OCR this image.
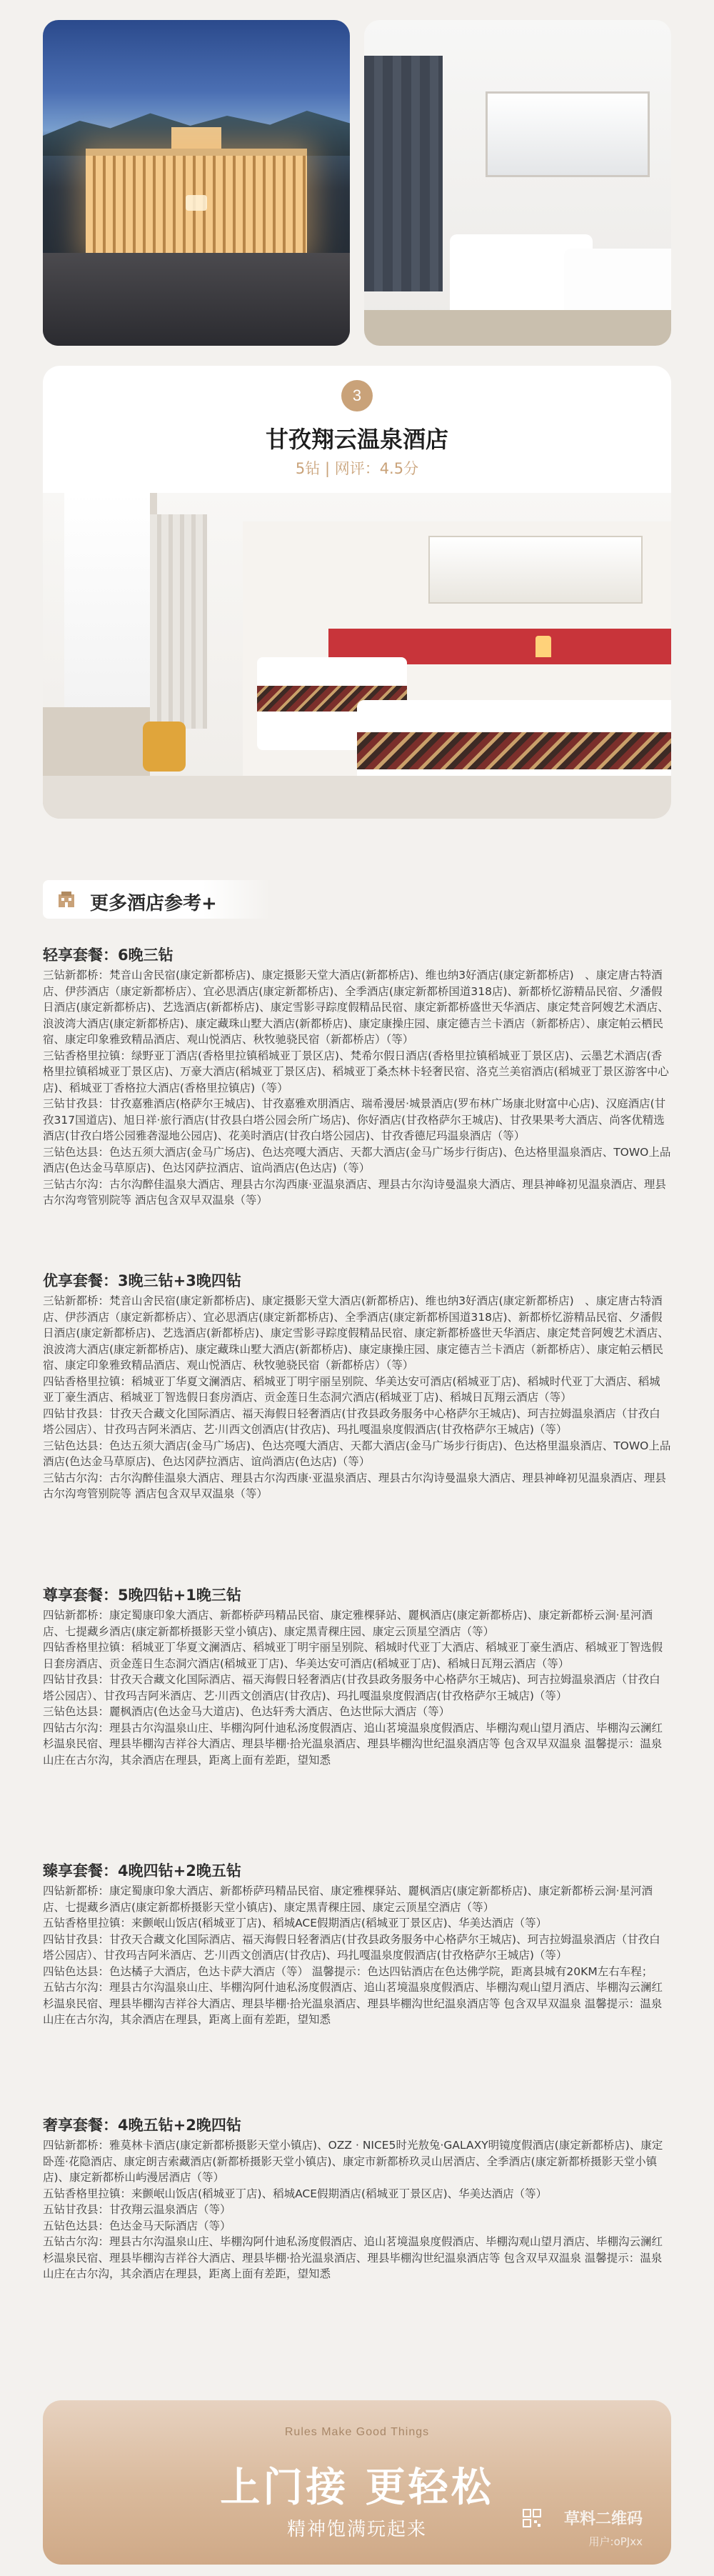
3
甘孜翔云温泉酒店
5钻 | 网评：4.5分
更多酒店参考+
轻享套餐：6晚三钻
三钻新都桥：梵音山舍民宿(康定新都桥店)、康定摄影天堂大酒店(新都桥店)、维也纳3好酒店(康定新都桥店)　、康定唐古特酒店、伊莎酒店（康定新都桥店）、宜必思酒店(康定新都桥店)、全季酒店(康定新都桥国道318店)、新都桥忆游精品民宿、夕潘假日酒店(康定新都桥店)、艺选酒店(新都桥店)、康定雪影寻踪度假精品民宿、康定新都桥盛世天华酒店、康定梵音阿嫂艺术酒店、浪波湾大酒店(康定新都桥店)、康定藏珠山墅大酒店(新都桥店)、康定康操庄园、康定德吉兰卡酒店（新都桥店）、康定帕云栖民宿、康定印象雅致精品酒店、观山悦酒店、秋牧驰骁民宿（新都桥店）（等）
三钻香格里拉镇：绿野亚丁酒店(香格里拉镇稻城亚丁景区店)、梵希尔假日酒店(香格里拉镇稻城亚丁景区店)、云墨艺术酒店(香格里拉镇稻城亚丁景区店)、万豪大酒店(稻城亚丁景区店)、稻城亚丁桑杰林卡轻奢民宿、洛克兰美宿酒店(稻城亚丁景区游客中心店)、稻城亚丁香格拉大酒店(香格里拉镇店)（等）
三钻甘孜县：甘孜嘉雅酒店(格萨尔王城店)、甘孜嘉雅欢朋酒店、瑞希漫居·城景酒店(罗布林广场康北财富中心店)、汉庭酒店(甘孜317国道店)、旭日祥·旅行酒店(甘孜县白塔公园会所广场店)、你好酒店(甘孜格萨尔王城店)、甘孜果果考大酒店、尚客优精选酒店(甘孜白塔公园雅砻湿地公园店)、花美时酒店(甘孜白塔公园店)、甘孜香德尼玛温泉酒店（等）
三钻色达县：色达五须大酒店(金马广场店)、色达亮嘎大酒店、天都大酒店(金马广场步行街店)、色达格里温泉酒店、TOWO上品酒店(色达金马草原店)、色达冈萨拉酒店、谊尚酒店(色达店)（等）
三钻古尔沟：古尔沟醉佳温泉大酒店、理县古尔沟西康·亚温泉酒店、理县古尔沟诗曼温泉大酒店、理县神峰初见温泉酒店、理县古尔沟弯管别院等 酒店包含双早双温泉（等）
优享套餐：3晚三钻+3晚四钻
三钻新都桥：梵音山舍民宿(康定新都桥店)、康定摄影天堂大酒店(新都桥店)、维也纳3好酒店(康定新都桥店)　、康定唐古特酒店、伊莎酒店（康定新都桥店）、宜必思酒店(康定新都桥店)、全季酒店(康定新都桥国道318店)、新都桥忆游精品民宿、夕潘假日酒店(康定新都桥店)、艺选酒店(新都桥店)、康定雪影寻踪度假精品民宿、康定新都桥盛世天华酒店、康定梵音阿嫂艺术酒店、浪波湾大酒店(康定新都桥店)、康定藏珠山墅大酒店(新都桥店)、康定康操庄园、康定德吉兰卡酒店（新都桥店）、康定帕云栖民宿、康定印象雅致精品酒店、观山悦酒店、秋牧驰骁民宿（新都桥店）（等）
四钻香格里拉镇：稻城亚丁华夏文澜酒店、稻城亚丁明宇丽呈别院、华美达安可酒店(稻城亚丁店)、稻城时代亚丁大酒店、稻城亚丁豪生酒店、稻城亚丁智选假日套房酒店、贡金莲日生态洞穴酒店(稻城亚丁店)、稻城日瓦翔云酒店（等）
四钻甘孜县：甘孜天合藏文化国际酒店、福天海假日轻奢酒店(甘孜县政务服务中心格萨尔王城店)、珂吉拉姆温泉酒店（甘孜白塔公园店）、甘孜玛吉阿米酒店、艺·川西文创酒店(甘孜店)、玛扎嘎温泉度假酒店(甘孜格萨尔王城店)（等）
三钻色达县：色达五须大酒店(金马广场店)、色达亮嘎大酒店、天都大酒店(金马广场步行街店)、色达格里温泉酒店、TOWO上品酒店(色达金马草原店)、色达冈萨拉酒店、谊尚酒店(色达店)（等）
三钻古尔沟：古尔沟醉佳温泉大酒店、理县古尔沟西康·亚温泉酒店、理县古尔沟诗曼温泉大酒店、理县神峰初见温泉酒店、理县古尔沟弯管别院等 酒店包含双早双温泉（等）
尊享套餐：5晚四钻+1晚三钻
四钻新都桥：康定蜀康印象大酒店、新都桥萨玛精品民宿、康定雅棵驿站、麗枫酒店(康定新都桥店)、康定新都桥云涧·星河酒店、七提藏乡酒店(康定新都桥摄影天堂小镇店)、康定黑青稞庄园、康定云顶星空酒店（等）
四钻香格里拉镇：稻城亚丁华夏文澜酒店、稻城亚丁明宇丽呈别院、稻城时代亚丁大酒店、稻城亚丁豪生酒店、稻城亚丁智选假日套房酒店、贡金莲日生态洞穴酒店(稻城亚丁店)、华美达安可酒店(稻城亚丁店)、稻城日瓦翔云酒店（等）
四钻甘孜县：甘孜天合藏文化国际酒店、福天海假日轻奢酒店(甘孜县政务服务中心格萨尔王城店)、珂吉拉姆温泉酒店（甘孜白塔公园店）、甘孜玛吉阿米酒店、艺·川西文创酒店(甘孜店)、玛扎嘎温泉度假酒店(甘孜格萨尔王城店)（等）
三钻色达县：麗枫酒店(色达金马大道店)、色达轩秀大酒店、色达世际大酒店（等）
四钻古尔沟：理县古尔沟温泉山庄、毕棚沟阿什迪私汤度假酒店、追山茗境温泉度假酒店、毕棚沟观山望月酒店、毕棚沟云澜红杉温泉民宿、理县毕棚沟吉祥谷大酒店、理县毕棚·拾光温泉酒店、理县毕棚沟世纪温泉酒店等 包含双早双温泉 温馨提示：温泉山庄在古尔沟，其余酒店在理县，距离上面有差距，望知悉
臻享套餐：4晚四钻+2晚五钻
四钻新都桥：康定蜀康印象大酒店、新都桥萨玛精品民宿、康定雅棵驿站、麗枫酒店(康定新都桥店)、康定新都桥云涧·星河酒店、七提藏乡酒店(康定新都桥摄影天堂小镇店)、康定黑青稞庄园、康定云顶星空酒店（等）
五钻香格里拉镇：来颤岷山饭店(稻城亚丁店)、稻城ACE假期酒店(稻城亚丁景区店)、华美达酒店（等）
四钻甘孜县：甘孜天合藏文化国际酒店、福天海假日轻奢酒店(甘孜县政务服务中心格萨尔王城店)、珂吉拉姆温泉酒店（甘孜白塔公园店）、甘孜玛吉阿米酒店、艺·川西文创酒店(甘孜店)、玛扎嘎温泉度假酒店(甘孜格萨尔王城店)（等）
四钻色达县：色达橘子大酒店，色达卡萨大酒店（等） 温馨提示：色达四钻酒店在色达佛学院，距离县城有20KM左右车程；
五钻古尔沟：理县古尔沟温泉山庄、毕棚沟阿什迪私汤度假酒店、追山茗境温泉度假酒店、毕棚沟观山望月酒店、毕棚沟云澜红杉温泉民宿、理县毕棚沟吉祥谷大酒店、理县毕棚·拾光温泉酒店、理县毕棚沟世纪温泉酒店等 包含双早双温泉 温馨提示：温泉山庄在古尔沟，其余酒店在理县，距离上面有差距，望知悉
奢享套餐：4晚五钻+2晚四钻
四钻新都桥：雅莫林卡酒店(康定新都桥摄影天堂小镇店)、OZZ · NICE5时光敖兔·GALAXY明镜度假酒店(康定新都桥店)、康定卧莲·花隐酒店、康定朗吉索藏酒店(新都桥摄影天堂小镇店)、康定市新都桥玖灵山居酒店、全季酒店(康定新都桥摄影天堂小镇店)、康定新都桥山屿漫居酒店（等）
五钻香格里拉镇：来颤岷山饭店(稻城亚丁店)、稻城ACE假期酒店(稻城亚丁景区店)、华美达酒店（等）
五钻甘孜县：甘孜翔云温泉酒店（等）
五钻色达县：色达金马天际酒店（等）
五钻古尔沟：理县古尔沟温泉山庄、毕棚沟阿什迪私汤度假酒店、追山茗境温泉度假酒店、毕棚沟观山望月酒店、毕棚沟云澜红杉温泉民宿、理县毕棚沟吉祥谷大酒店、理县毕棚·拾光温泉酒店、理县毕棚沟世纪温泉酒店等 包含双早双温泉 温馨提示：温泉山庄在古尔沟，其余酒店在理县，距离上面有差距，望知悉
Rules Make Good Things
上门接 更轻松
精神饱满玩起来	草料二维码
用户:oPJxx
